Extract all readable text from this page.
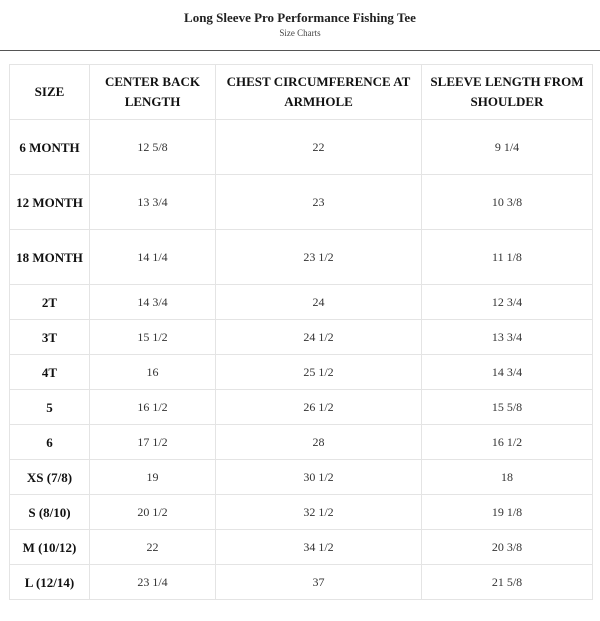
Long Sleeve Pro Performance Fishing Tee
Size Charts
SIZE	CENTER BACK LENGTH	CHEST CIRCUMFERENCE AT ARMHOLE	SLEEVE LENGTH FROM SHOULDER
6 MONTH	12 5/8	22	9 1/4
12 MONTH	13 3/4	23	10 3/8
18 MONTH	14 1/4	23 1/2	11 1/8
2T	14 3/4	24	12 3/4
3T	15 1/2	24 1/2	13 3/4
4T	16	25 1/2	14 3/4
5	16 1/2	26 1/2	15 5/8
6	17 1/2	28	16 1/2
XS (7/8)	19	30 1/2	18
S (8/10)	20 1/2	32 1/2	19 1/8
M (10/12)	22	34 1/2	20 3/8
L (12/14)	23 1/4	37	21 5/8
